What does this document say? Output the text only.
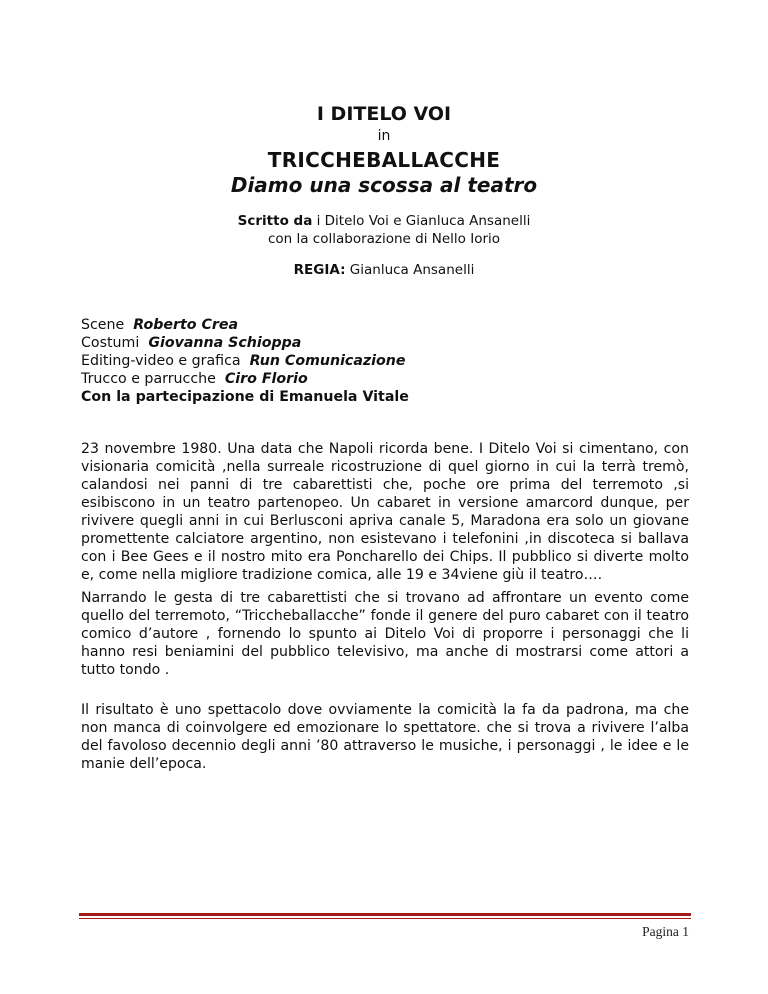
I DITELO VOI
in
TRICCHEBALLACCHE
Diamo una scossa al teatro
Scritto da i Ditelo Voi e Gianluca Ansanelli
con la collaborazione di Nello Iorio
REGIA: Gianluca Ansanelli
Scene  Roberto Crea
Costumi  Giovanna Schioppa
Editing-video e grafica  Run Comunicazione
Trucco e parrucche  Ciro Florio
Con la partecipazione di Emanuela Vitale

23 novembre 1980. Una data che Napoli ricorda bene. I Ditelo Voi si cimentano, con visionaria comicità ,nella surreale ricostruzione di quel giorno in cui la terrà tremò, calandosi nei panni di tre cabarettisti che, poche ore prima del terremoto ,si esibiscono in un teatro partenopeo. Un cabaret in versione amarcord dunque, per rivivere quegli anni in cui Berlusconi apriva canale 5, Maradona era solo un giovane promettente calciatore argentino, non esistevano i telefonini ,in discoteca si ballava con i Bee Gees e il nostro mito era Poncharello dei Chips. Il pubblico si diverte molto e, come nella migliore tradizione comica, alle 19 e 34viene giù il teatro….

Narrando le gesta di tre cabarettisti che si trovano ad affrontare un evento come quello del terremoto, “Triccheballacche” fonde il genere del puro cabaret con il teatro comico d’autore , fornendo lo spunto ai Ditelo Voi di proporre i personaggi che li hanno resi beniamini del pubblico televisivo, ma anche di mostrarsi come attori a tutto tondo .

Il risultato è uno spettacolo dove ovviamente la comicità la fa da padrona, ma che non manca di coinvolgere ed emozionare lo spettatore. che si trova a rivivere l’alba del favoloso decennio degli anni ’80 attraverso le musiche, i personaggi , le idee e le manie dell’epoca.

Pagina 1
